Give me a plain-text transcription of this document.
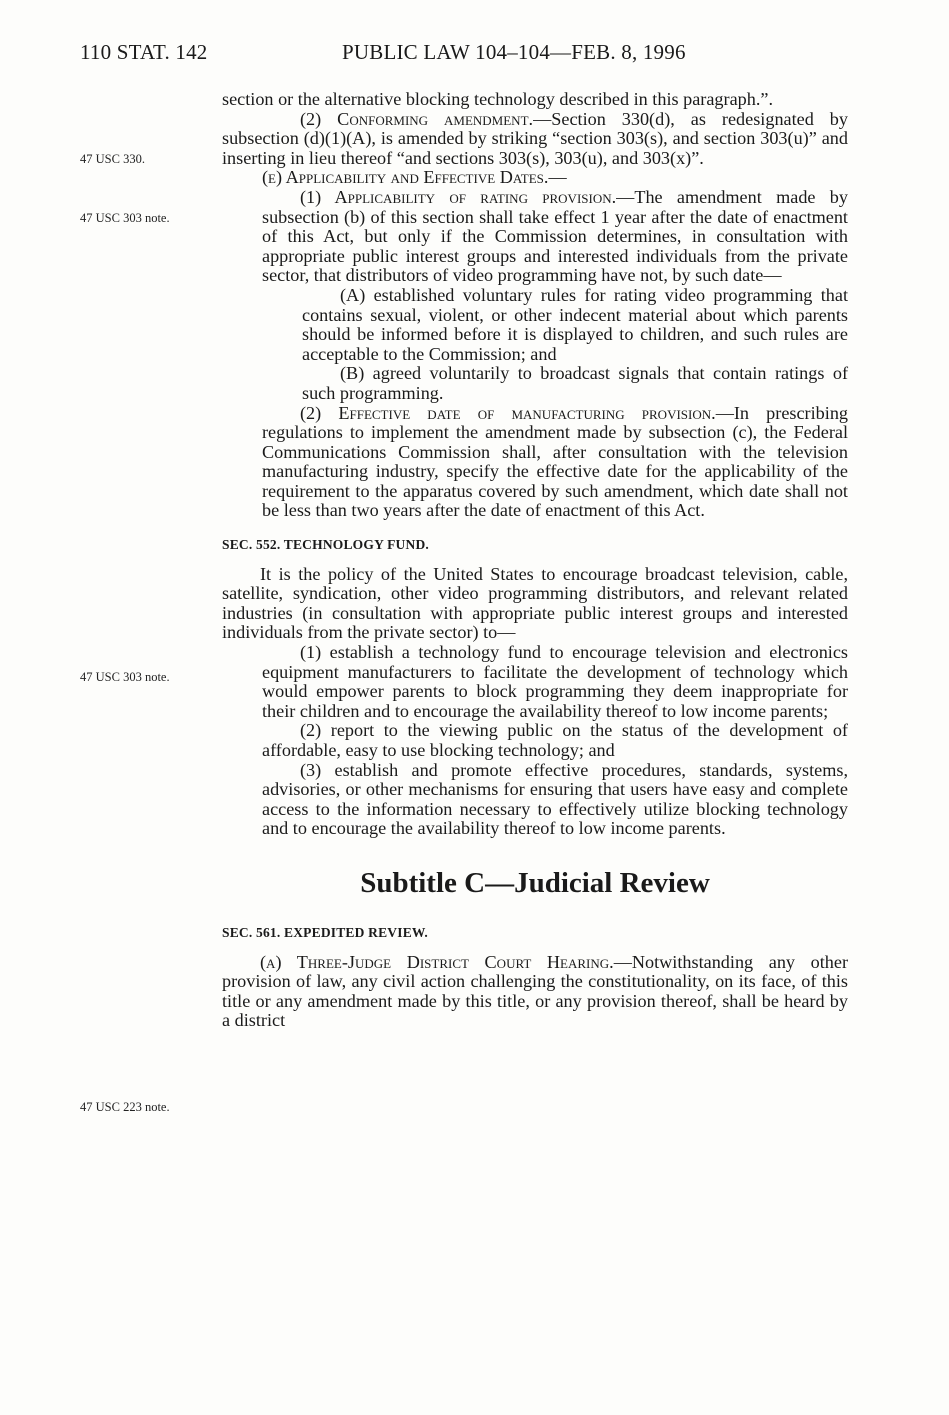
110 STAT. 142	PUBLIC LAW 104–104—FEB. 8, 1996
47 USC 330.
47 USC 303 note.
47 USC 303 note.
47 USC 223 note.

section or the alternative blocking technology described in this paragraph.”.

(2) Conforming amendment.—Section 330(d), as redesignated by subsection (d)(1)(A), is amended by striking “section 303(s), and section 303(u)” and inserting in lieu thereof “and sections 303(s), 303(u), and 303(x)”.

(e) Applicability and Effective Dates.—

(1) Applicability of rating provision.—The amendment made by subsection (b) of this section shall take effect 1 year after the date of enactment of this Act, but only if the Commission determines, in consultation with appropriate public interest groups and interested individuals from the private sector, that distributors of video programming have not, by such date—

(A) established voluntary rules for rating video programming that contains sexual, violent, or other indecent material about which parents should be informed before it is displayed to children, and such rules are acceptable to the Commission; and

(B) agreed voluntarily to broadcast signals that contain ratings of such programming.

(2) Effective date of manufacturing provision.—In prescribing regulations to implement the amendment made by subsection (c), the Federal Communications Commission shall, after consultation with the television manufacturing industry, specify the effective date for the applicability of the requirement to the apparatus covered by such amendment, which date shall not be less than two years after the date of enactment of this Act.

SEC. 552. TECHNOLOGY FUND.

It is the policy of the United States to encourage broadcast television, cable, satellite, syndication, other video programming distributors, and relevant related industries (in consultation with appropriate public interest groups and interested individuals from the private sector) to—

(1) establish a technology fund to encourage television and electronics equipment manufacturers to facilitate the development of technology which would empower parents to block programming they deem inappropriate for their children and to encourage the availability thereof to low income parents;

(2) report to the viewing public on the status of the development of affordable, easy to use blocking technology; and

(3) establish and promote effective procedures, standards, systems, advisories, or other mechanisms for ensuring that users have easy and complete access to the information necessary to effectively utilize blocking technology and to encourage the availability thereof to low income parents.

Subtitle C—Judicial Review
SEC. 561. EXPEDITED REVIEW.

(a) Three-Judge District Court Hearing.—Notwithstanding any other provision of law, any civil action challenging the constitutionality, on its face, of this title or any amendment made by this title, or any provision thereof, shall be heard by a district
